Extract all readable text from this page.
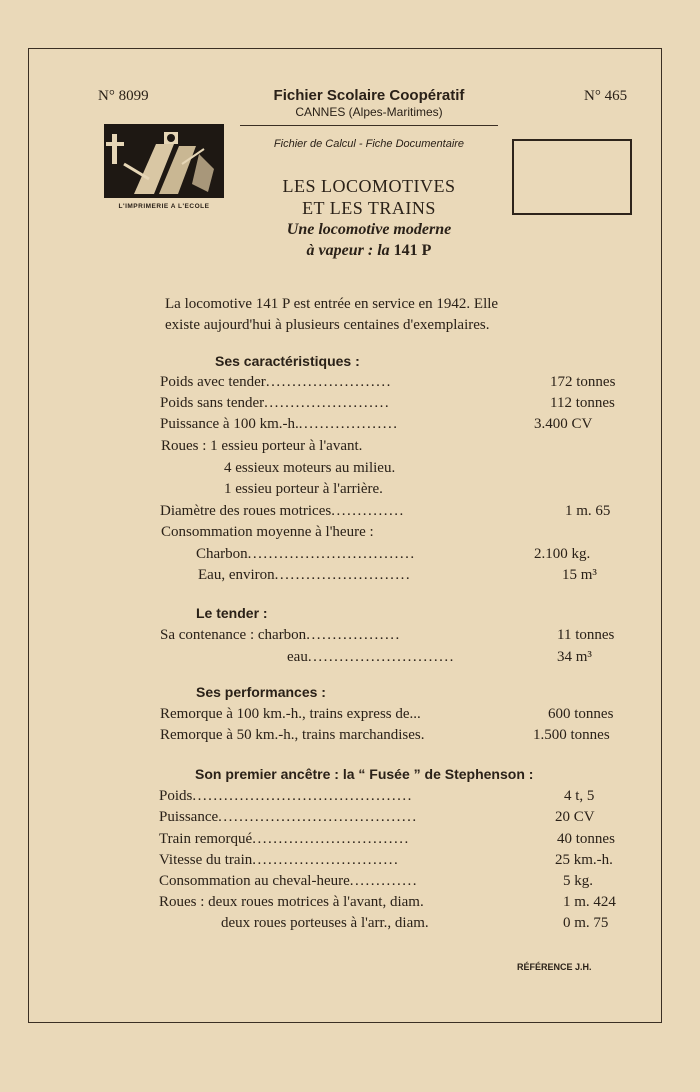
N° 8099	N° 465
Fichier Scolaire Coopératif
CANNES (Alpes-Maritimes)
Fichier de Calcul - Fiche Documentaire
L'IMPRIMERIE A L'ECOLE
LES LOCOMOTIVES
ET LES TRAINS
Une locomotive moderne
à vapeur : la 141 P
La locomotive 141 P est entrée en service en 1942. Elle
existe aujourd'hui à plusieurs centaines d'exemplaires.
Ses caractéristiques :
Poids avec tender ........................	172 tonnes
Poids sans tender ........................	112 tonnes
Puissance à 100 km.-h. ...................	3.400 CV
Roues : 1 essieu porteur à l'avant.
4 essieux moteurs au milieu.
1 essieu porteur à l'arrière.
Diamètre des roues motrices ..............	1 m. 65
Consommation moyenne à l'heure :
Charbon ................................	2.100 kg.
Eau, environ ..........................	15 m³
Le tender :
Sa contenance : charbon ..................	11 tonnes
eau ............................	34 m³
Ses performances :
Remorque à 100 km.-h., trains express de...	600 tonnes
Remorque à 50 km.-h., trains marchandises.	1.500 tonnes
Son premier ancêtre : la “ Fusée ” de Stephenson :
Poids ..........................................	4 t, 5
Puissance ......................................	20 CV
Train remorqué ..............................	40 tonnes
Vitesse du train ............................	25 km.-h.
Consommation au cheval-heure .............	5 kg.
Roues : deux roues motrices à l'avant, diam.	1 m. 424
deux roues porteuses à l'arr., diam.	0 m. 75
RÉFÉRENCE J.H.
